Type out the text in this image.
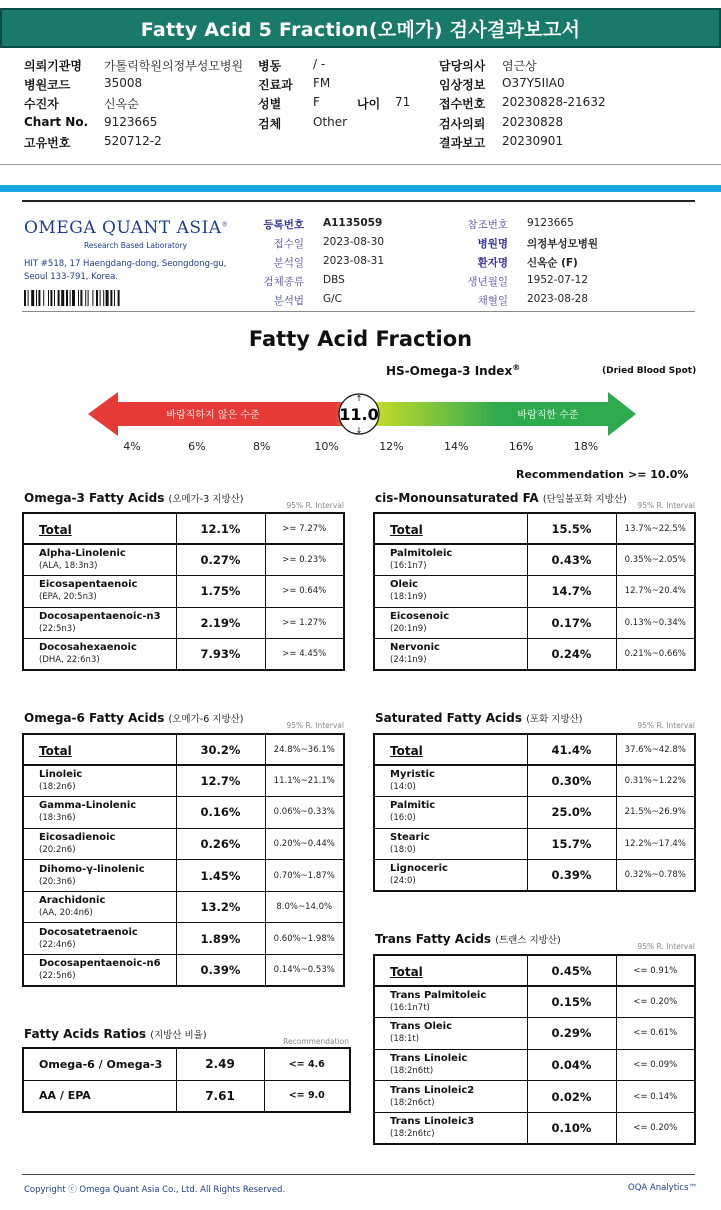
Fatty Acid 5 Fraction(오메가) 검사결과보고서
의뢰기관명 가톨릭학원의정부성모병원
병원코드	35008
수진자	신옥순
Chart No. 9123665
고유번호	520712-2
병동	/ -
진료과 FM
성별	F
검체	Other
담당의사 염근상
임상정보 O37Y5IIA0
접수번호 20230828-21632
검사의뢰 20230828
결과보고 20230901
나이 71
OMEGA QUANT ASIA®
Research Based Laboratory
HIT #518, 17 Haengdang-dong, Seongdong-gu,
Seoul 133-791, Korea.
등록번호 A1135059
접수일 2023-08-30
분석일 2023-08-31
검체종류 DBS
분석법 G/C
참조번호 9123665
병원명 의정부성모병원
환자명 신옥순 (F)
생년월일 1952-07-12
채혈일 2023-08-28
Fatty Acid Fraction
HS-Omega-3 Index®	(Dried Blood Spot)
바람직하지 않은 수준	바람직한 수준
11.0
↑
↓
4%	6%	8%	10%	12%	14%	16%	18%
Recommendation >= 10.0%
Omega-3 Fatty Acids (오메가-3 지방산)
95% R. Interval
Total	12.1%	>= 7.27%

Alpha-Linolenic
(ALA, 18:3n3)	0.27%	>= 0.23%

Eicosapentaenoic
(EPA, 20:5n3)	1.75%	>= 0.64%

Docosapentaenoic-n3
(22:5n3)	2.19%	>= 1.27%

Docosahexaenoic
(DHA, 22:6n3)	7.93%	>= 4.45%
cis-Monounsaturated FA (단일불포화 지방산)
95% R. Interval
Total	15.5%	13.7%~22.5%

Palmitoleic
(16:1n7)	0.43%	0.35%~2.05%

Oleic
(18:1n9)	14.7%	12.7%~20.4%

Eicosenoic
(20:1n9)	0.17%	0.13%~0.34%

Nervonic
(24:1n9)	0.24%	0.21%~0.66%
Omega-6 Fatty Acids (오메가-6 지방산)
95% R. Interval
Total	30.2%	24.8%~36.1%

Linoleic
(18:2n6)	12.7%	11.1%~21.1%

Gamma-Linolenic
(18:3n6)	0.16%	0.06%~0.33%

Eicosadienoic
(20:2n6)	0.26%	0.20%~0.44%

Dihomo-γ-linolenic
(20:3n6)	1.45%	0.70%~1.87%

Arachidonic
(AA, 20:4n6)	13.2%	8.0%~14.0%

Docosatetraenoic
(22:4n6)	1.89%	0.60%~1.98%

Docosapentaenoic-n6
(22:5n6)	0.39%	0.14%~0.53%
Saturated Fatty Acids (포화 지방산)
95% R. Interval
Total	41.4%	37.6%~42.8%

Myristic
(14:0)	0.30%	0.31%~1.22%

Palmitic
(16:0)	25.0%	21.5%~26.9%

Stearic
(18:0)	15.7%	12.2%~17.4%

Lignoceric
(24:0)	0.39%	0.32%~0.78%
Trans Fatty Acids (트랜스 지방산)
95% R. Interval
Total	0.45%	<= 0.91%

Trans Palmitoleic
(16:1n7t)	0.15%	<= 0.20%

Trans Oleic
(18:1t)	0.29%	<= 0.61%

Trans Linoleic
(18:2n6tt)	0.04%	<= 0.09%

Trans Linoleic2
(18:2n6ct)	0.02%	<= 0.14%

Trans Linoleic3
(18:2n6tc)	0.10%	<= 0.20%
Fatty Acids Ratios (지방산 비율)
Recommendation
Omega-6 / Omega-3	2.49	<= 4.6
AA / EPA	7.61	<= 9.0
Copyright ⓒ Omega Quant Asia Co., Ltd. All Rights Reserved.	OQA Analytics™
